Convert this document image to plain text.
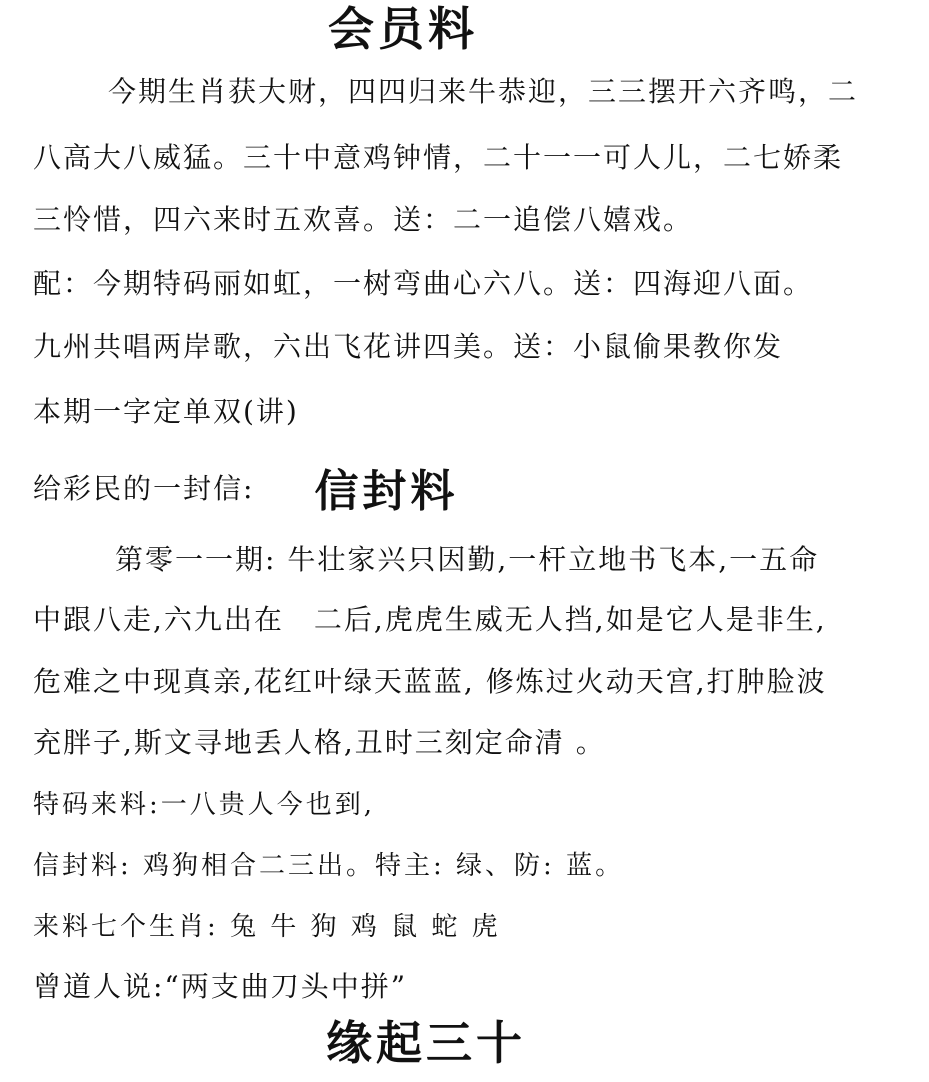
会员料
今期生肖获大财，四四归来牛恭迎，三三摆开六齐鸣，二
八高大八威猛。三十中意鸡钟情，二十一一可人儿，二七娇柔
三怜惜，四六来时五欢喜。送：二一追偿八嬉戏。
配：今期特码丽如虹，一树弯曲心六八。送：四海迎八面。
九州共唱两岸歌，六出飞花讲四美。送：小鼠偷果教你发
本期一字定单双(讲)
给彩民的一封信: 信封料
第零一一期: 牛壮家兴只因勤,一杆立地书飞本,一五命
中跟八走,六九出在　二后,虎虎生威无人挡,如是它人是非生,
危难之中现真亲,花红叶绿天蓝蓝, 修炼过火动天宫,打肿脸波
充胖子,斯文寻地丢人格,丑时三刻定命清 。
特码来料:一八贵人今也到,
信封料: 鸡狗相合二三出。特主: 绿、防: 蓝。
来料七个生肖: 兔 牛 狗 鸡 鼠 蛇 虎
曾道人说:“两支曲刀头中拼”
缘起三十
